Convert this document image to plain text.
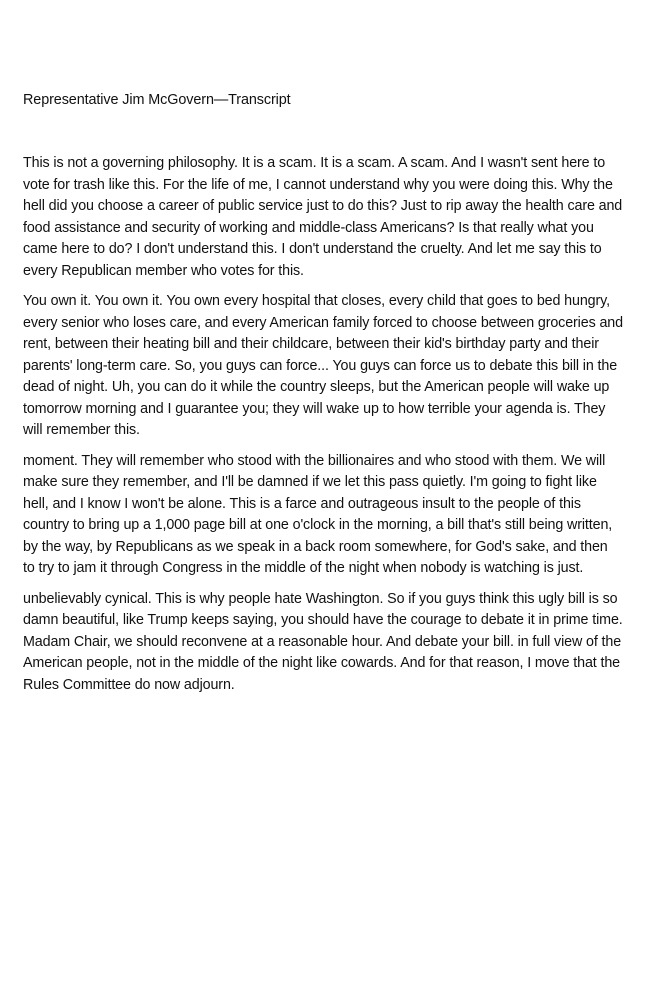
Representative Jim McGovern—Transcript

This is not a governing philosophy. It is a scam. It is a scam. A scam. And I wasn't sent here to vote for trash like this. For the life of me, I cannot understand why you were doing this. Why the hell did you choose a career of public service just to do this? Just to rip away the health care and food assistance and security of working and middle-class Americans? Is that really what you came here to do? I don't understand this. I don't understand the cruelty. And let me say this to every Republican member who votes for this.

You own it. You own it. You own every hospital that closes, every child that goes to bed hungry, every senior who loses care, and every American family forced to choose between groceries and rent, between their heating bill and their childcare, between their kid's birthday party and their parents' long-term care. So, you guys can force... You guys can force us to debate this bill in the dead of night. Uh, you can do it while the country sleeps, but the American people will wake up tomorrow morning and I guarantee you; they will wake up to how terrible your agenda is. They will remember this.

moment. They will remember who stood with the billionaires and who stood with them. We will make sure they remember, and I'll be damned if we let this pass quietly. I'm going to fight like hell, and I know I won't be alone. This is a farce and outrageous insult to the people of this country to bring up a 1,000 page bill at one o'clock in the morning, a bill that's still being written, by the way, by Republicans as we speak in a back room somewhere, for God's sake, and then to try to jam it through Congress in the middle of the night when nobody is watching is just.

unbelievably cynical. This is why people hate Washington. So if you guys think this ugly bill is so damn beautiful, like Trump keeps saying, you should have the courage to debate it in prime time. Madam Chair, we should reconvene at a reasonable hour. And debate your bill. in full view of the American people, not in the middle of the night like cowards. And for that reason, I move that the Rules Committee do now adjourn.
